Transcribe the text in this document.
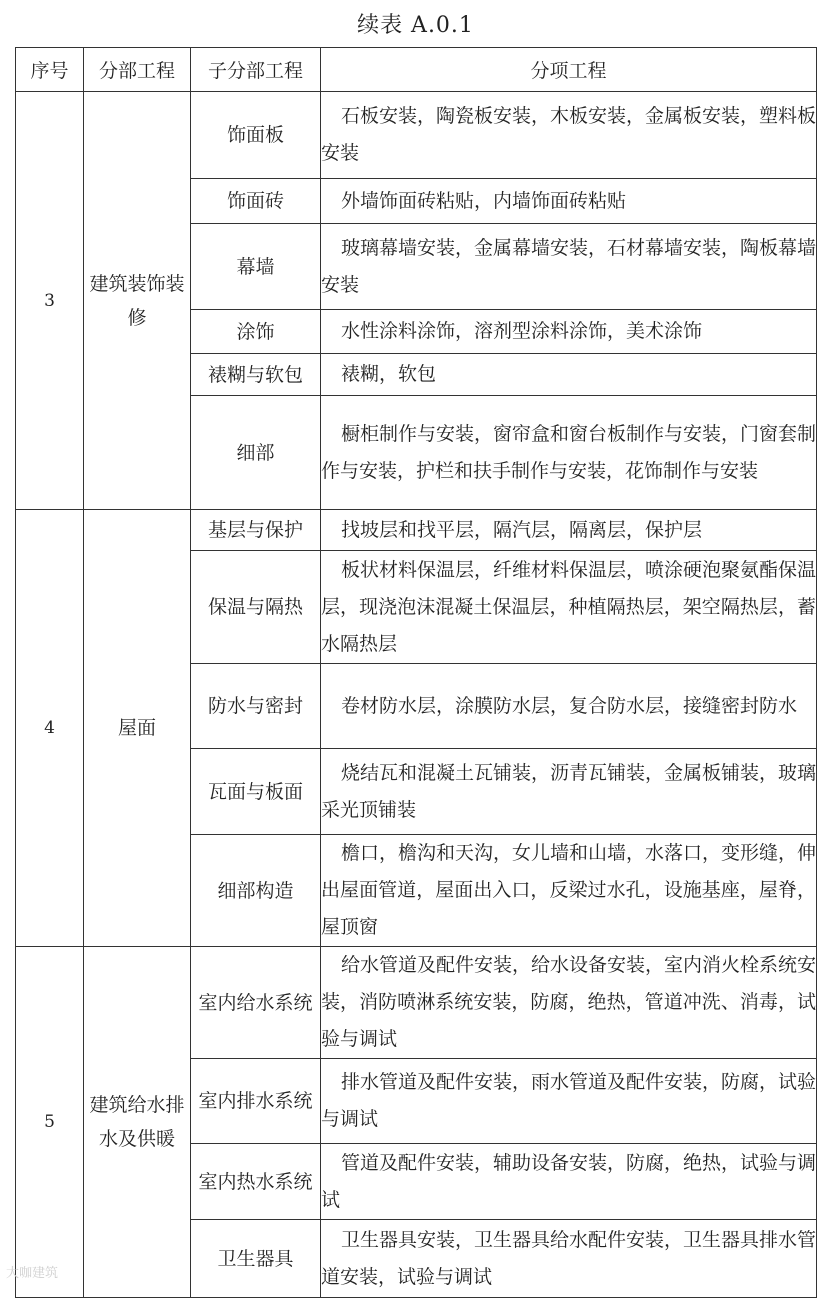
续表 A.0.1
序号	分部工程	子分部工程	分项工程
3	建筑装饰装修	饰面板	石板安装，陶瓷板安装，木板安装，金属板安装，塑料板安装
		饰面砖	外墙饰面砖粘贴，内墙饰面砖粘贴
		幕墙	玻璃幕墙安装，金属幕墙安装，石材幕墙安装，陶板幕墙安装
		涂饰	水性涂料涂饰，溶剂型涂料涂饰，美术涂饰
		裱糊与软包	裱糊，软包
		细部	橱柜制作与安装，窗帘盒和窗台板制作与安装，门窗套制作与安装，护栏和扶手制作与安装，花饰制作与安装
4	屋面	基层与保护	找坡层和找平层，隔汽层，隔离层，保护层
		保温与隔热	板状材料保温层，纤维材料保温层，喷涂硬泡聚氨酯保温层，现浇泡沫混凝土保温层，种植隔热层，架空隔热层，蓄水隔热层
		防水与密封	卷材防水层，涂膜防水层，复合防水层，接缝密封防水
		瓦面与板面	烧结瓦和混凝土瓦铺装，沥青瓦铺装，金属板铺装，玻璃采光顶铺装
		细部构造	檐口，檐沟和天沟，女儿墙和山墙，水落口，变形缝，伸出屋面管道，屋面出入口，反梁过水孔，设施基座，屋脊，屋顶窗
5	建筑给水排水及供暖	室内给水系统	给水管道及配件安装，给水设备安装，室内消火栓系统安装，消防喷淋系统安装，防腐，绝热，管道冲洗、消毒，试验与调试
		室内排水系统	排水管道及配件安装，雨水管道及配件安装，防腐，试验与调试
		室内热水系统	管道及配件安装，辅助设备安装，防腐，绝热，试验与调试
		卫生器具	卫生器具安装，卫生器具给水配件安装，卫生器具排水管道安装，试验与调试
大咖建筑
